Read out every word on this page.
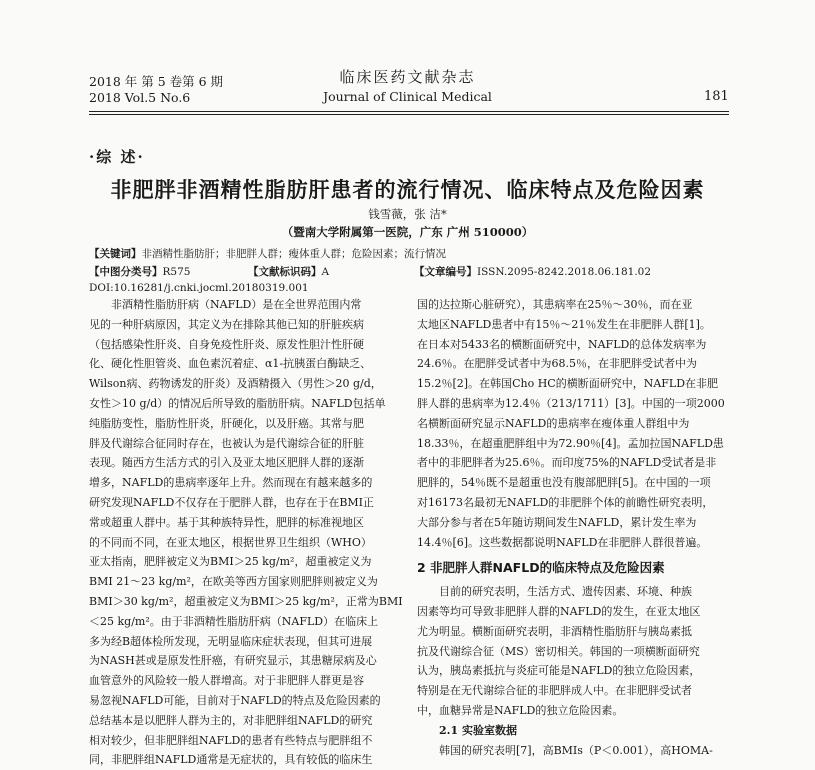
2018 年 第 5 卷第 6 期
2018 Vol.5 No.6
临床医药文献杂志
Journal of Clinical Medical	181
·综 述·
非肥胖非酒精性脂肪肝患者的流行情况、临床特点及危险因素
钱雪薇，张 洁*
（暨南大学附属第一医院，广东 广州 510000）
【关键词】非酒精性脂肪肝；非肥胖人群；瘦体重人群；危险因素；流行情况
【中图分类号】R575	【文献标识码】A	【文章编号】ISSN.2095-8242.2018.06.181.02
DOI:10.16281/j.cnki.jocml.20180319.001

非酒精性脂肪肝病（NAFLD）是在全世界范围内常

见的一种肝病原因，其定义为在排除其他已知的肝脏疾病

（包括感染性肝炎、自身免疫性肝炎、原发性胆汁性肝硬

化、硬化性胆管炎、血色素沉着症、α1-抗胰蛋白酶缺乏、

Wilson病、药物诱发的肝炎）及酒精摄入（男性＞20 g/d，

女性＞10 g/d）的情况后所导致的脂肪肝病。NAFLD包括单

纯脂肪变性，脂肪性肝炎，肝硬化，以及肝癌。其常与肥

胖及代谢综合征同时存在，也被认为是代谢综合征的肝脏

表现。随西方生活方式的引入及亚太地区肥胖人群的逐渐

增多，NAFLD的患病率逐年上升。然而现在有越来越多的

研究发现NAFLD不仅存在于肥胖人群，也存在于在BMI正

常或超重人群中。基于其种族特异性，肥胖的标准视地区

的不同而不同，在亚太地区，根据世界卫生组织（WHO）

亚太指南，肥胖被定义为BMI＞25 kg/m²，超重被定义为

BMI 21～23 kg/m²，在欧美等西方国家则肥胖则被定义为

BMI＞30 kg/m²，超重被定义为BMI＞25 kg/m²，正常为BMI

＜25 kg/m²。由于非酒精性脂肪肝病（NAFLD）在临床上

多为经B超体检所发现，无明显临床症状表现，但其可进展

为NASH甚或是原发性肝癌，有研究显示，其患糖尿病及心

血管意外的风险较一般人群增高。对于非肥胖人群更是容

易忽视NAFLD可能，目前对于NAFLD的特点及危险因素的

总结基本是以肥胖人群为主的，对非肥胖组NAFLD的研究

相对较少，但非肥胖组NAFLD的患者有些特点与肥胖组不

同，非肥胖组NAFLD通常是无症状的，具有较低的临床生

国的达拉斯心脏研究），其患病率在25％～30％，而在亚

太地区NAFLD患者中有15％～21％发生在非肥胖人群[1]。

在日本对5433名的横断面研究中，NAFLD的总体发病率为

24.6％。在肥胖受试者中为68.5％，在非肥胖受试者中为

15.2％[2]。在韩国Cho HC的横断面研究中，NAFLD在非肥

胖人群的患病率为12.4％（213/1711）[3]。中国的一项2000

名横断面研究显示NAFLD的患病率在瘦体重人群组中为

18.33％，在超重肥胖组中为72.90％[4]。孟加拉国NAFLD患

者中的非肥胖者为25.6％。而印度75%的NAFLD受试者是非

肥胖的，54％既不是超重也没有腹部肥胖[5]。在中国的一项

对16173名最初无NAFLD的非肥胖个体的前瞻性研究表明，

大部分参与者在5年随访期间发生NAFLD，累计发生率为

14.4％[6]。这些数据都说明NAFLD在非肥胖人群很普遍。

2 非肥胖人群NAFLD的临床特点及危险因素

目前的研究表明，生活方式、遗传因素、环境、种族

因素等均可导致非肥胖人群的NAFLD的发生，在亚太地区

尤为明显。横断面研究表明，非酒精性脂肪肝与胰岛素抵

抗及代谢综合征（MS）密切相关。韩国的一项横断面研究

认为，胰岛素抵抗与炎症可能是NAFLD的独立危险因素，

特别是在无代谢综合征的非肥胖成人中。在非肥胖受试者

中，血糖异常是NAFLD的独立危险因素。

2.1 实验室数据

韩国的研究表明[7]，高BMIs（P＜0.001），高HOMA-
